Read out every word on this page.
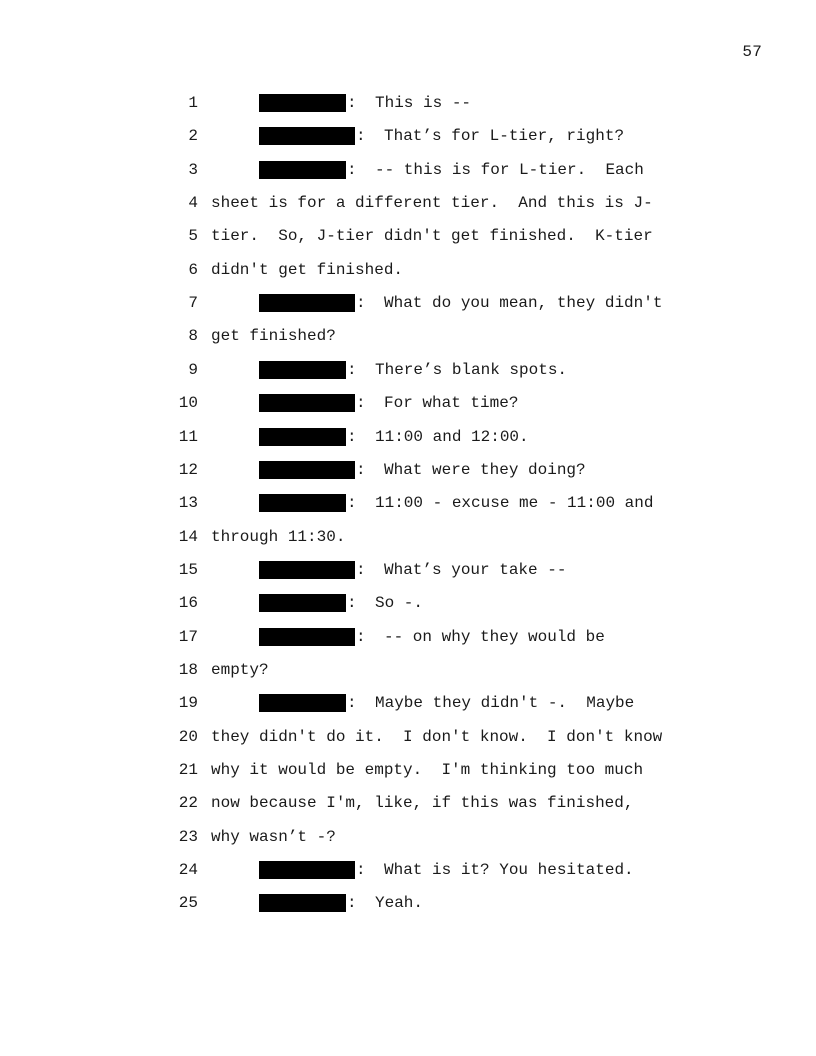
57
1	: This is --
2	: That’s for L-tier, right?
3	: -- this is for L-tier.  Each
4 sheet is for a different tier.  And this is J-
5 tier.  So, J-tier didn't get finished.  K-tier
6 didn't get finished.
7	: What do you mean, they didn't
8 get finished?
9	: There’s blank spots.
10	: For what time?
11	: 11:00 and 12:00.
12	: What were they doing?
13	: 11:00 - excuse me - 11:00 and
14 through 11:30.
15	: What’s your take --
16	: So -.
17	: -- on why they would be
18 empty?
19	: Maybe they didn't -.  Maybe
20 they didn't do it.  I don't know.  I don't know
21 why it would be empty.  I'm thinking too much
22 now because I'm, like, if this was finished,
23 why wasn’t -?
24	: What is it? You hesitated.
25	: Yeah.
